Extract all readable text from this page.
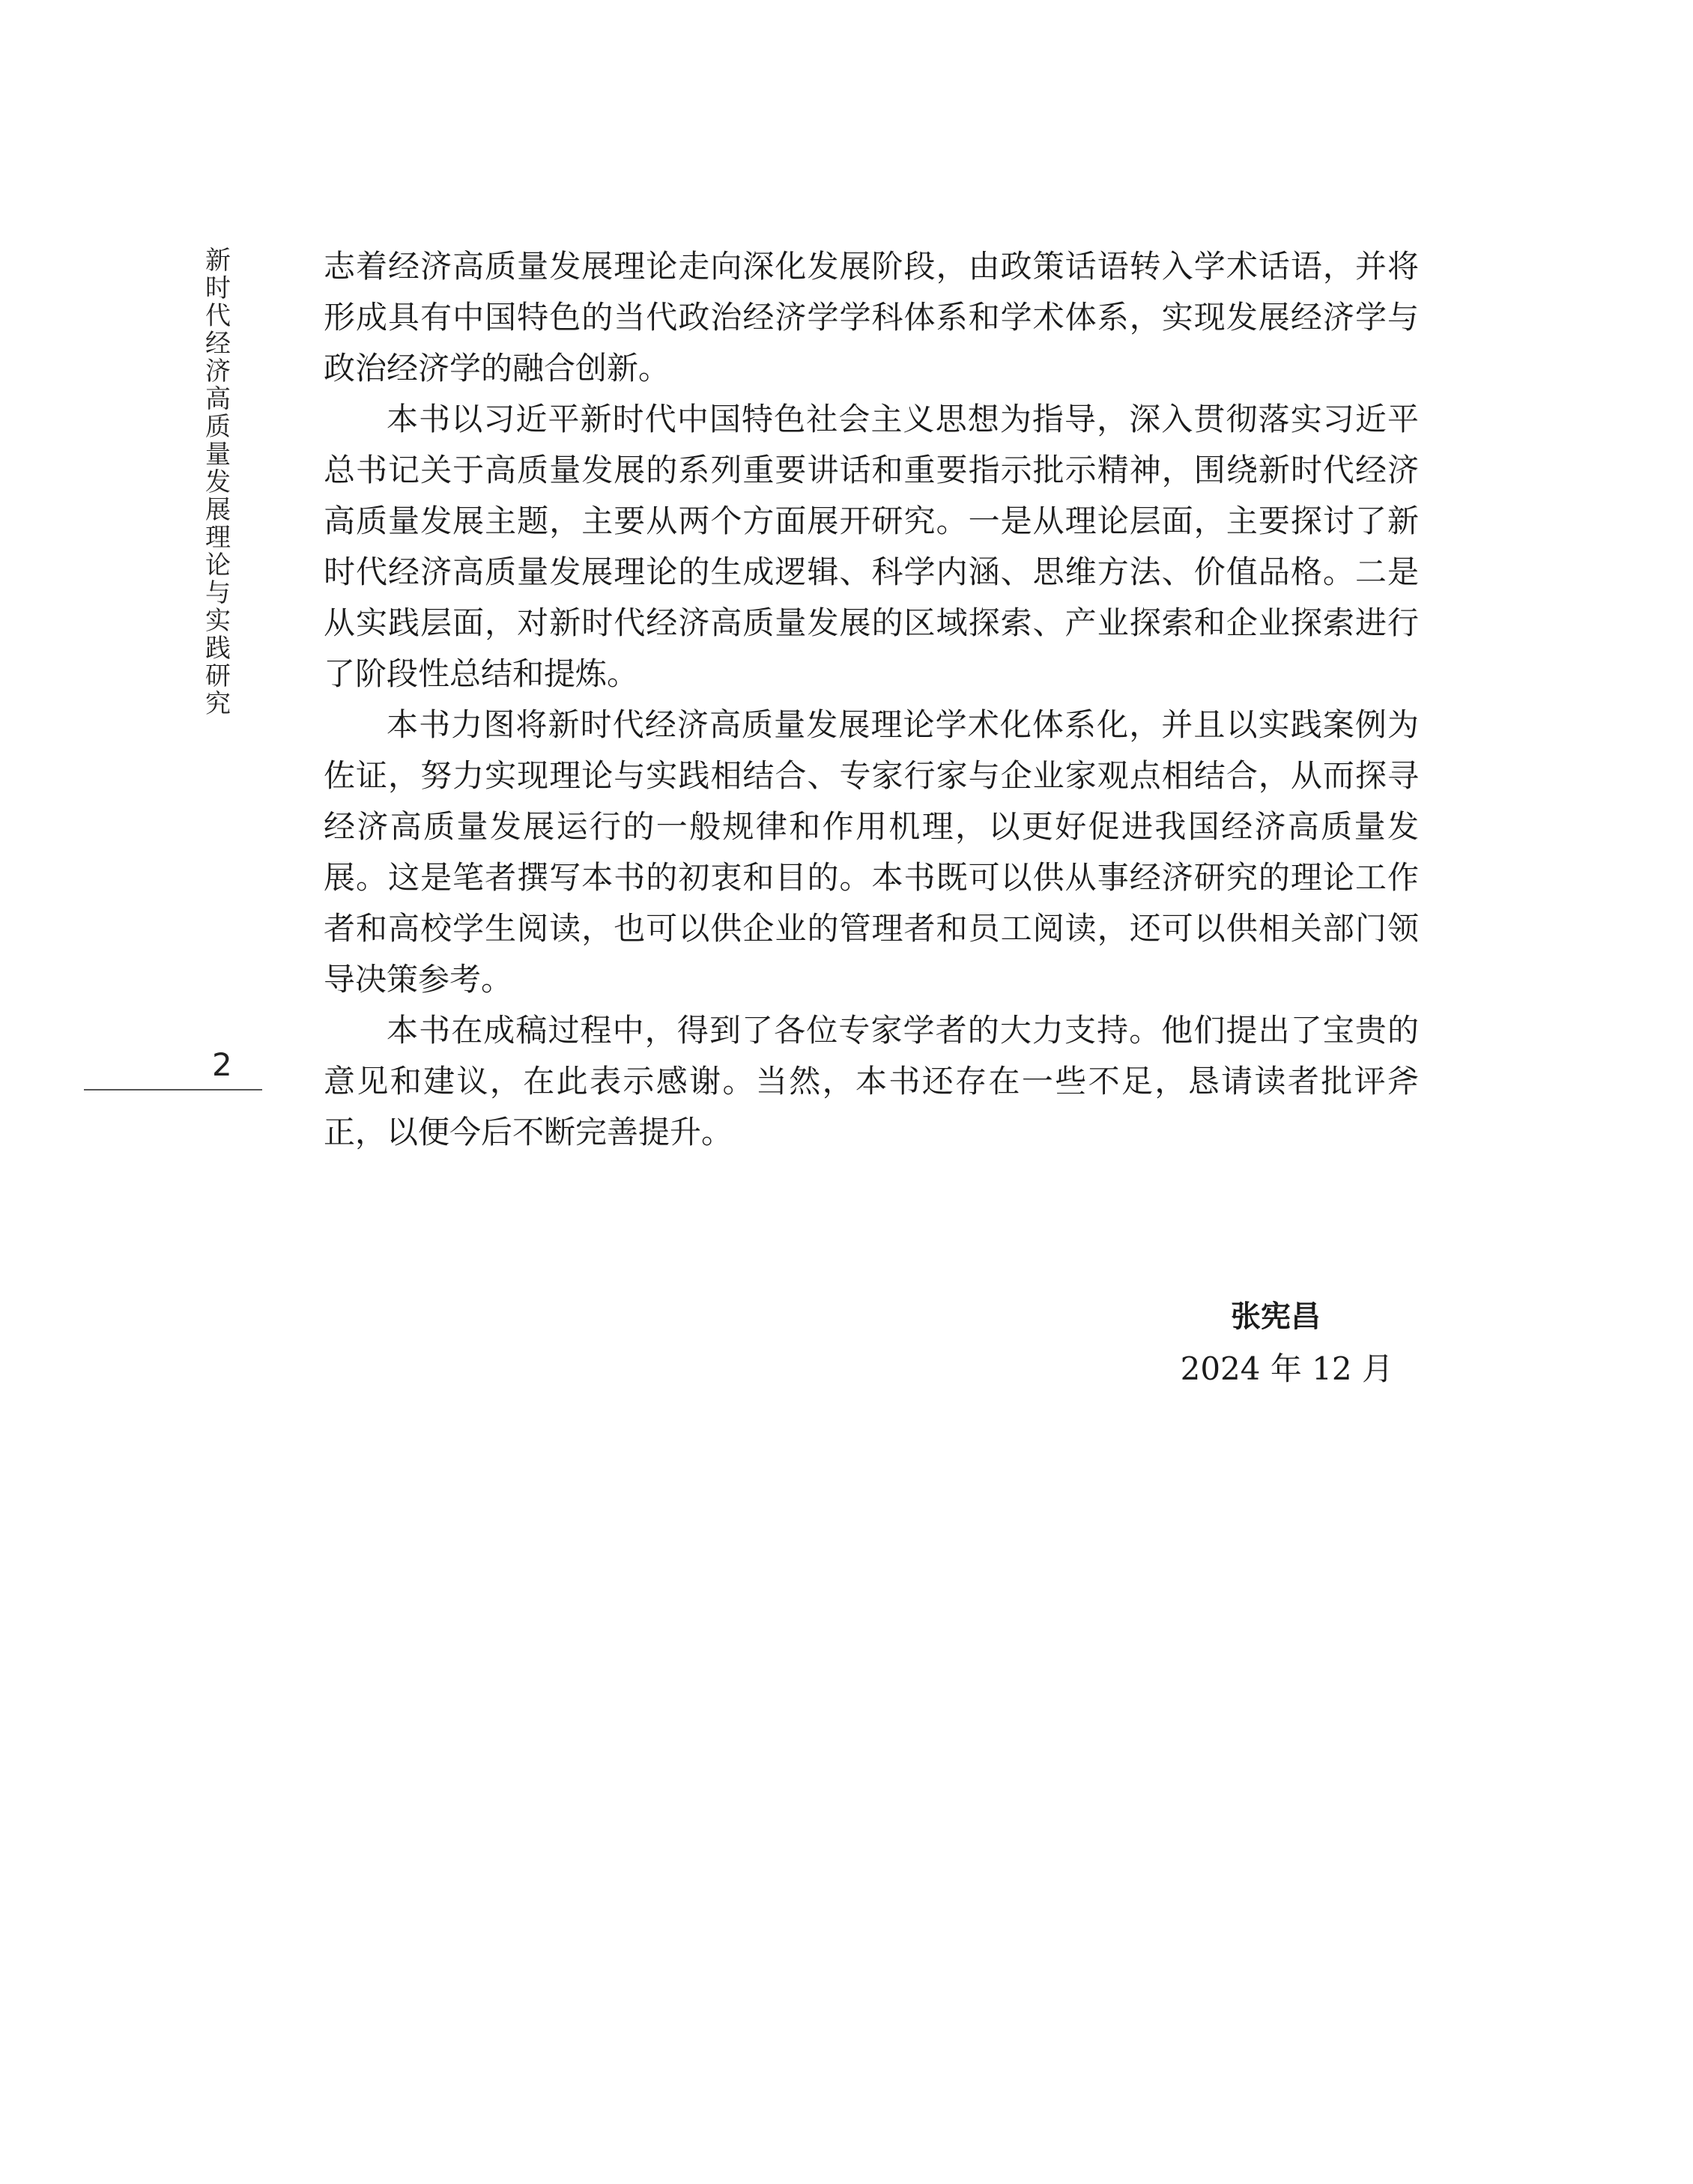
新时代经济高质量发展理论与实践研究
2

志着经济高质量发展理论走向深化发展阶段，由政策话语转入学术话语，并将形成具有中国特色的当代政治经济学学科体系和学术体系，实现发展经济学与政治经济学的融合创新。

本书以习近平新时代中国特色社会主义思想为指导，深入贯彻落实习近平总书记关于高质量发展的系列重要讲话和重要指示批示精神，围绕新时代经济高质量发展主题，主要从两个方面展开研究。一是从理论层面，主要探讨了新时代经济高质量发展理论的生成逻辑、科学内涵、思维方法、价值品格。二是从实践层面，对新时代经济高质量发展的区域探索、产业探索和企业探索进行了阶段性总结和提炼。

本书力图将新时代经济高质量发展理论学术化体系化，并且以实践案例为佐证，努力实现理论与实践相结合、专家行家与企业家观点相结合，从而探寻经济高质量发展运行的一般规律和作用机理，以更好促进我国经济高质量发展。这是笔者撰写本书的初衷和目的。本书既可以供从事经济研究的理论工作者和高校学生阅读，也可以供企业的管理者和员工阅读，还可以供相关部门领导决策参考。

本书在成稿过程中，得到了各位专家学者的大力支持。他们提出了宝贵的意见和建议，在此表示感谢。当然，本书还存在一些不足，恳请读者批评斧正，以便今后不断完善提升。

张宪昌
2024 年 12 月
